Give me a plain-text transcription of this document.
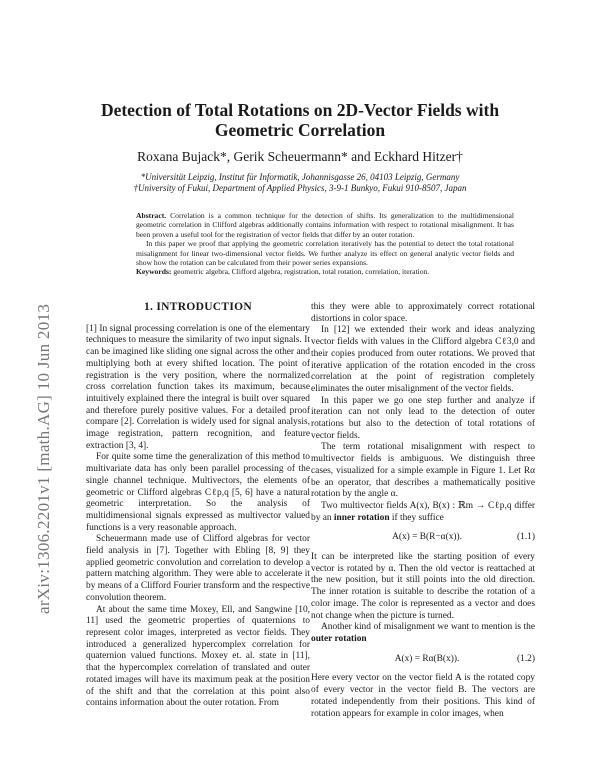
arXiv:1306.2201v1 [math.AG] 10 Jun 2013
Detection of Total Rotations on 2D-Vector Fields with Geometric Correlation
Roxana Bujack*, Gerik Scheuermann* and Eckhard Hitzer†
*Universität Leipzig, Institut für Informatik, Johannisgasse 26, 04103 Leipzig, Germany
†University of Fukui, Department of Applied Physics, 3-9-1 Bunkyo, Fukui 910-8507, Japan

Abstract. Correlation is a common technique for the detection of shifts. Its generalization to the multidimensional geometric correlation in Clifford algebras additionally contains information with respect to rotational misalignment. It has been proven a useful tool for the registration of vector fields that differ by an outer rotation.

In this paper we proof that applying the geometric correlation iteratively has the potential to detect the total rotational misalignment for linear two-dimensional vector fields. We further analyze its effect on general analytic vector fields and show how the rotation can be calculated from their power series expansions.

Keywords: geometric algebra, Clifford algebra, registration, total rotation, correlation, iteration.

1. INTRODUCTION

[1] In signal processing correlation is one of the elementary techniques to measure the similarity of two input signals. It can be imagined like sliding one signal across the other and multiplying both at every shifted location. The point of registration is the very position, where the normalized cross correlation function takes its maximum, because intuitively explained there the integral is built over squared and therefore purely positive values. For a detailed proof compare [2]. Correlation is widely used for signal analysis, image registration, pattern recognition, and feature extraction [3, 4].

For quite some time the generalization of this method to multivariate data has only been parallel processing of the single channel technique. Multivectors, the elements of geometric or Clifford algebras Cℓp,q [5, 6] have a natural geometric interpretation. So the analysis of multidimensional signals expressed as multivector valued functions is a very reasonable approach.

Scheuermann made use of Clifford algebras for vector field analysis in [7]. Together with Ebling [8, 9] they applied geometric convolution and correlation to develop a pattern matching algorithm. They were able to accelerate it by means of a Clifford Fourier transform and the respective convolution theorem.

At about the same time Moxey, Ell, and Sangwine [10, 11] used the geometric properties of quaternions to represent color images, interpreted as vector fields. They introduced a generalized hypercomplex correlation for quaternion valued functions. Moxey et. al. state in [11], that the hypercomplex correlation of translated and outer rotated images will have its maximum peak at the position of the shift and that the correlation at this point also contains information about the outer rotation. From

this they were able to approximately correct rotational distortions in color space.

In [12] we extended their work and ideas analyzing vector fields with values in the Clifford algebra Cℓ3,0 and their copies produced from outer rotations. We proved that iterative application of the rotation encoded in the cross correlation at the point of registration completely eliminates the outer misalignment of the vector fields.

In this paper we go one step further and analyze if iteration can not only lead to the detection of outer rotations but also to the detection of total rotations of vector fields.

The term rotational misalignment with respect to multivector fields is ambiguous. We distinguish three cases, visualized for a simple example in Figure 1. Let Rα be an operator, that describes a mathematically positive rotation by the angle α.

Two multivector fields A(x), B(x) : ℝm → Cℓp,q differ by an inner rotation if they suffice

A(x) = B(R−α(x)).	(1.1)

It can be interpreted like the starting position of every vector is rotated by α. Then the old vector is reattached at the new position, but it still points into the old direction. The inner rotation is suitable to describe the rotation of a color image. The color is represented as a vector and does not change when the picture is turned.

Another kind of misalignment we want to mention is the outer rotation

A(x) = Rα(B(x)).	(1.2)

Here every vector on the vector field A is the rotated copy of every vector in the vector field B. The vectors are rotated independently from their positions. This kind of rotation appears for example in color images, when
